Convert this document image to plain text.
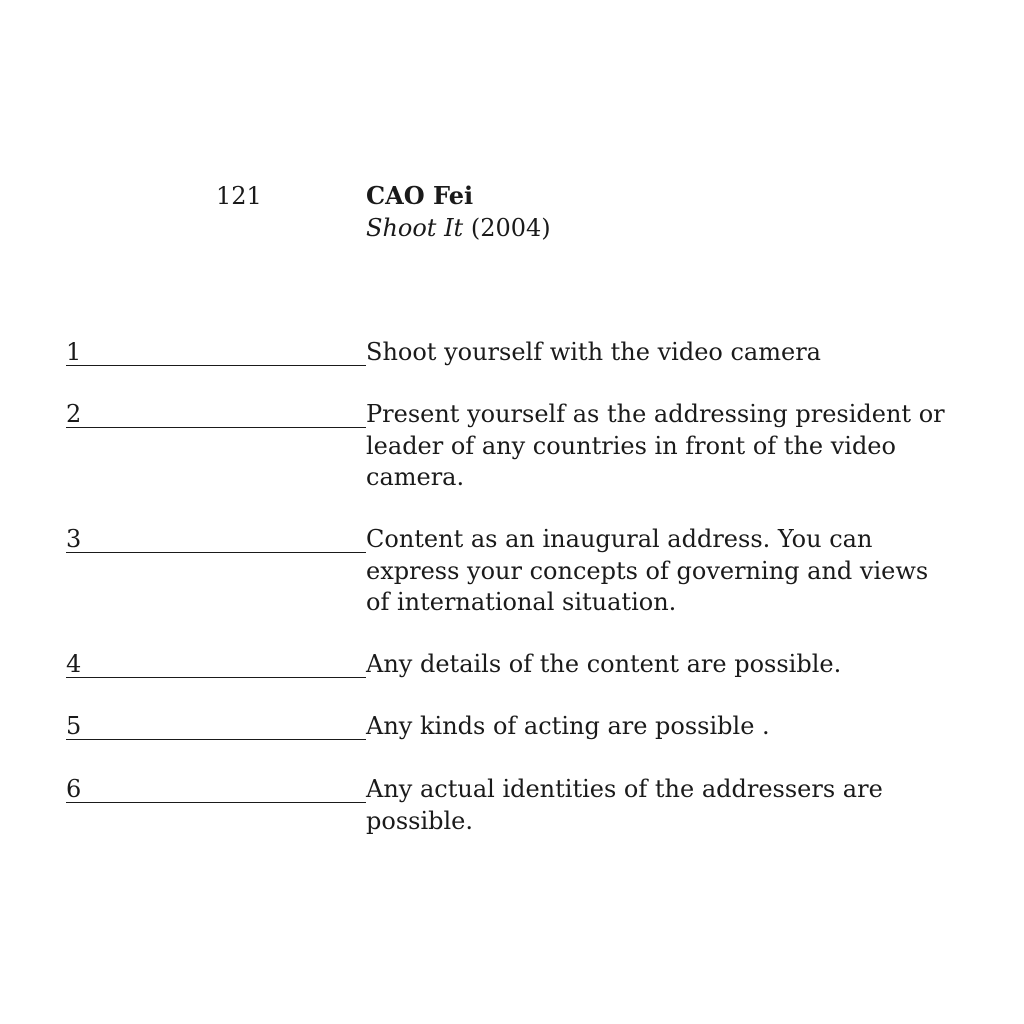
121	CAO Fei
Shoot It (2004)
1	Shoot yourself with the video camera
2	Present yourself as the addressing president or leader of any countries in front of the video camera.
3	Content as an inaugural address. You can express your concepts of governing and views of international situation.
4	Any details of the content are possible.
5	Any kinds of acting are possible .
6	Any actual identities of the addressers are possible.
